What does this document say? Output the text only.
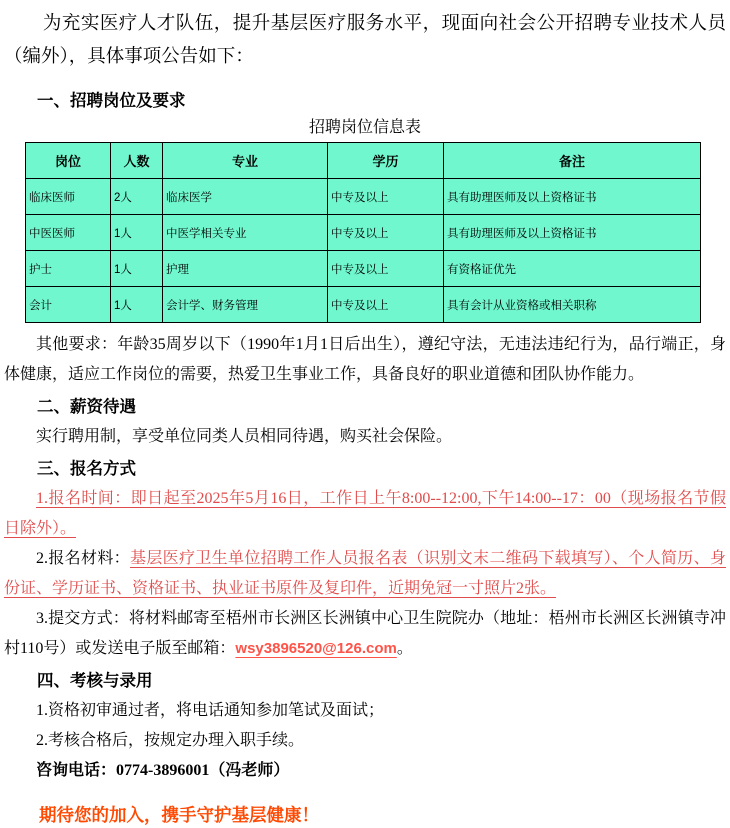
为充实医疗人才队伍，提升基层医疗服务水平，现面向社会公开招聘专业技术人员（编外），具体事项公告如下：

一、招聘岗位及要求
招聘岗位信息表
岗位	人数	专业	学历	备注
临床医师	2人	临床医学	中专及以上	具有助理医师及以上资格证书
中医医师	1人	中医学相关专业	中专及以上	具有助理医师及以上资格证书
护士	1人	护理	中专及以上	有资格证优先
会计	1人	会计学、财务管理	中专及以上	具有会计从业资格或相关职称

其他要求：年龄35周岁以下（1990年1月1日后出生），遵纪守法，无违法违纪行为，品行端正，身体健康，适应工作岗位的需要，热爱卫生事业工作，具备良好的职业道德和团队协作能力。

二、薪资待遇

实行聘用制，享受单位同类人员相同待遇，购买社会保险。

三、报名方式

1.报名时间：即日起至2025年5月16日，工作日上午8:00--12:00,下午14:00--17：00（现场报名节假日除外）。

2.报名材料：基层医疗卫生单位招聘工作人员报名表（识别文末二维码下载填写）、个人简历、身份证、学历证书、资格证书、执业证书原件及复印件，近期免冠一寸照片2张。

3.提交方式：将材料邮寄至梧州市长洲区长洲镇中心卫生院院办（地址：梧州市长洲区长洲镇寺冲村110号）或发送电子版至邮箱：wsy3896520@126.com。

四、考核与录用

1.资格初审通过者，将电话通知参加笔试及面试；

2.考核合格后，按规定办理入职手续。

咨询电话：0774-3896001（冯老师）

期待您的加入，携手守护基层健康！
